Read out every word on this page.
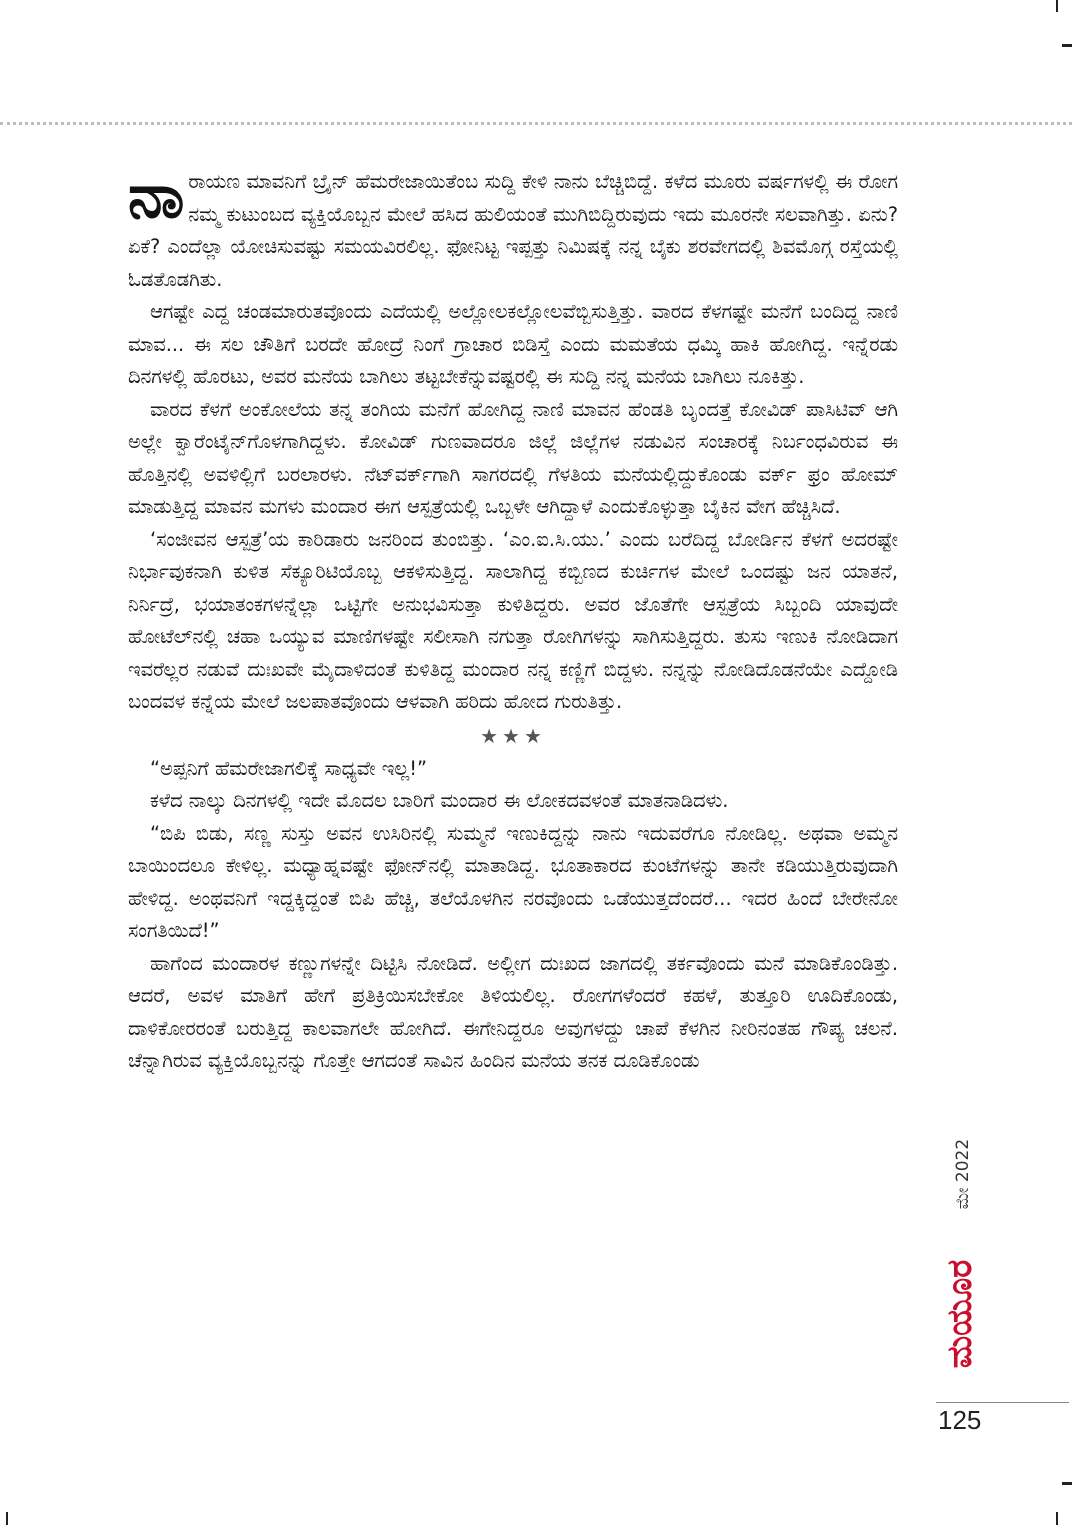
ನಾರಾಯಣ ಮಾವನಿಗೆ ಬ್ರೈನ್ ಹೆಮರೇಜಾಯಿತೆಂಬ ಸುದ್ದಿ ಕೇಳಿ ನಾನು ಬೆಚ್ಚಿಬಿದ್ದೆ. ಕಳೆದ ಮೂರು ವರ್ಷಗಳಲ್ಲಿ ಈ ರೋಗ ನಮ್ಮ ಕುಟುಂಬದ ವ್ಯಕ್ತಿಯೊಬ್ಬನ ಮೇಲೆ ಹಸಿದ ಹುಲಿಯಂತೆ ಮುಗಿಬಿದ್ದಿರುವುದು ಇದು ಮೂರನೇ ಸಲವಾಗಿತ್ತು. ಏನು? ಏಕೆ? ಎಂದೆಲ್ಲಾ ಯೋಚಿಸುವಷ್ಟು ಸಮಯವಿರಲಿಲ್ಲ. ಫೋನಿಟ್ಟ ಇಪ್ಪತ್ತು ನಿಮಿಷಕ್ಕೆ ನನ್ನ ಬೈಕು ಶರವೇಗದಲ್ಲಿ ಶಿವಮೊಗ್ಗ ರಸ್ತೆಯಲ್ಲಿ ಓಡತೊಡಗಿತು.

ಆಗಷ್ಟೇ ಎದ್ದ ಚಂಡಮಾರುತವೊಂದು ಎದೆಯಲ್ಲಿ ಅಲ್ಲೋಲಕಲ್ಲೋಲವೆಬ್ಬಿಸುತ್ತಿತ್ತು. ವಾರದ ಕೆಳಗಷ್ಟೇ ಮನೆಗೆ ಬಂದಿದ್ದ ನಾಣಿ ಮಾವ... ಈ ಸಲ ಚೌತಿಗೆ ಬರದೇ ಹೋದ್ರೆ ನಿಂಗೆ ಗ್ರಾಚಾರ ಬಿಡಿಸ್ತೆ ಎಂದು ಮಮತೆಯ ಧಮ್ಕಿ ಹಾಕಿ ಹೋಗಿದ್ದ. ಇನ್ನೆರಡು ದಿನಗಳಲ್ಲಿ ಹೊರಟು, ಅವರ ಮನೆಯ ಬಾಗಿಲು ತಟ್ಟಬೇಕೆನ್ನುವಷ್ಟರಲ್ಲಿ ಈ ಸುದ್ದಿ ನನ್ನ ಮನೆಯ ಬಾಗಿಲು ನೂಕಿತ್ತು.

ವಾರದ ಕೆಳಗೆ ಅಂಕೋಲೆಯ ತನ್ನ ತಂಗಿಯ ಮನೆಗೆ ಹೋಗಿದ್ದ ನಾಣಿ ಮಾವನ ಹೆಂಡತಿ ಬೃಂದತ್ತೆ ಕೋವಿಡ್ ಪಾಸಿಟಿವ್ ಆಗಿ ಅಲ್ಲೇ ಕ್ವಾರೆಂಟೈನ್‌ಗೊಳಗಾಗಿದ್ದಳು. ಕೋವಿಡ್ ಗುಣವಾದರೂ ಜಿಲ್ಲೆ ಜಿಲ್ಲೆಗಳ ನಡುವಿನ ಸಂಚಾರಕ್ಕೆ ನಿರ್ಬಂಧವಿರುವ ಈ ಹೊತ್ತಿನಲ್ಲಿ ಅವಳಿಲ್ಲಿಗೆ ಬರಲಾರಳು. ನೆಟ್‌ವರ್ಕ್‌ಗಾಗಿ ಸಾಗರದಲ್ಲಿ ಗೆಳತಿಯ ಮನೆಯಲ್ಲಿದ್ದುಕೊಂಡು ವರ್ಕ್ ಫ್ರಂ ಹೋಮ್ ಮಾಡುತ್ತಿದ್ದ ಮಾವನ ಮಗಳು ಮಂದಾರ ಈಗ ಆಸ್ಪತ್ರೆಯಲ್ಲಿ ಒಬ್ಬಳೇ ಆಗಿದ್ದಾಳೆ ಎಂದುಕೊಳ್ಳುತ್ತಾ ಬೈಕಿನ ವೇಗ ಹೆಚ್ಚಿಸಿದೆ.

‘ಸಂಜೀವನ ಆಸ್ಪತ್ರೆ’ಯ ಕಾರಿಡಾರು ಜನರಿಂದ ತುಂಬಿತ್ತು. ‘ಎಂ.ಐ.ಸಿ.ಯು.’ ಎಂದು ಬರೆದಿದ್ದ ಬೋರ್ಡಿನ ಕೆಳಗೆ ಅದರಷ್ಟೇ ನಿರ್ಭಾವುಕನಾಗಿ ಕುಳಿತ ಸೆಕ್ಯೂರಿಟಿಯೊಬ್ಬ ಆಕಳಿಸುತ್ತಿದ್ದ. ಸಾಲಾಗಿದ್ದ ಕಬ್ಬಿಣದ ಕುರ್ಚಿಗಳ ಮೇಲೆ ಒಂದಷ್ಟು ಜನ ಯಾತನೆ, ನಿರ್ನಿದ್ರೆ, ಭಯಾತಂಕಗಳನ್ನೆಲ್ಲಾ ಒಟ್ಟಿಗೇ ಅನುಭವಿಸುತ್ತಾ ಕುಳಿತಿದ್ದರು. ಅವರ ಜೊತೆಗೇ ಆಸ್ಪತ್ರೆಯ ಸಿಬ್ಬಂದಿ ಯಾವುದೇ ಹೋಟೆಲ್‌ನಲ್ಲಿ ಚಹಾ ಒಯ್ಯುವ ಮಾಣಿಗಳಷ್ಟೇ ಸಲೀಸಾಗಿ ನಗುತ್ತಾ ರೋಗಿಗಳನ್ನು ಸಾಗಿಸುತ್ತಿದ್ದರು. ತುಸು ಇಣುಕಿ ನೋಡಿದಾಗ ಇವರೆಲ್ಲರ ನಡುವೆ ದುಃಖವೇ ಮೈದಾಳಿದಂತೆ ಕುಳಿತಿದ್ದ ಮಂದಾರ ನನ್ನ ಕಣ್ಣಿಗೆ ಬಿದ್ದಳು. ನನ್ನನ್ನು ನೋಡಿದೊಡನೆಯೇ ಎದ್ದೋಡಿ ಬಂದವಳ ಕನ್ನೆಯ ಮೇಲೆ ಜಲಪಾತವೊಂದು ಆಳವಾಗಿ ಹರಿದು ಹೋದ ಗುರುತಿತ್ತು.

★★★

“ಅಪ್ಪನಿಗೆ ಹೆಮರೇಜಾಗಲಿಕ್ಕೆ ಸಾಧ್ಯವೇ ಇಲ್ಲ!”

ಕಳೆದ ನಾಲ್ಕು ದಿನಗಳಲ್ಲಿ ಇದೇ ಮೊದಲ ಬಾರಿಗೆ ಮಂದಾರ ಈ ಲೋಕದವಳಂತೆ ಮಾತನಾಡಿದಳು.

“ಬಿಪಿ ಬಿಡು, ಸಣ್ಣ ಸುಸ್ತು ಅವನ ಉಸಿರಿನಲ್ಲಿ ಸುಮ್ಮನೆ ಇಣುಕಿದ್ದನ್ನು ನಾನು ಇದುವರೆಗೂ ನೋಡಿಲ್ಲ. ಅಥವಾ ಅಮ್ಮನ ಬಾಯಿಂದಲೂ ಕೇಳಿಲ್ಲ. ಮಧ್ಯಾಹ್ನವಷ್ಟೇ ಫೋನ್‌ನಲ್ಲಿ ಮಾತಾಡಿದ್ದ. ಭೂತಾಕಾರದ ಕುಂಟೆಗಳನ್ನು ತಾನೇ ಕಡಿಯುತ್ತಿರುವುದಾಗಿ ಹೇಳಿದ್ದ. ಅಂಥವನಿಗೆ ಇದ್ದಕ್ಕಿದ್ದಂತೆ ಬಿಪಿ ಹೆಚ್ಚಿ, ತಲೆಯೊಳಗಿನ ನರವೊಂದು ಒಡೆಯುತ್ತದೆಂದರೆ... ಇದರ ಹಿಂದೆ ಬೇರೇನೋ ಸಂಗತಿಯಿದೆ!”

ಹಾಗೆಂದ ಮಂದಾರಳ ಕಣ್ಣುಗಳನ್ನೇ ದಿಟ್ಟಿಸಿ ನೋಡಿದೆ. ಅಲ್ಲೀಗ ದುಃಖದ ಜಾಗದಲ್ಲಿ ತರ್ಕವೊಂದು ಮನೆ ಮಾಡಿಕೊಂಡಿತ್ತು. ಆದರೆ, ಅವಳ ಮಾತಿಗೆ ಹೇಗೆ ಪ್ರತಿಕ್ರಿಯಿಸಬೇಕೋ ತಿಳಿಯಲಿಲ್ಲ. ರೋಗಗಳೆಂದರೆ ಕಹಳೆ, ತುತ್ತೂರಿ ಊದಿಕೊಂಡು, ದಾಳಿಕೋರರಂತೆ ಬರುತ್ತಿದ್ದ ಕಾಲವಾಗಲೇ ಹೋಗಿದೆ. ಈಗೇನಿದ್ದರೂ ಅವುಗಳದ್ದು ಚಾಪೆ ಕೆಳಗಿನ ನೀರಿನಂತಹ ಗೌಪ್ಯ ಚಲನೆ. ಚೆನ್ನಾಗಿರುವ ವ್ಯಕ್ತಿಯೊಬ್ಬನನ್ನು ಗೊತ್ತೇ ಆಗದಂತೆ ಸಾವಿನ ಹಿಂದಿನ ಮನೆಯ ತನಕ ದೂಡಿಕೊಂಡು

ಮೇ 2022
ಮಯೂರ
125
